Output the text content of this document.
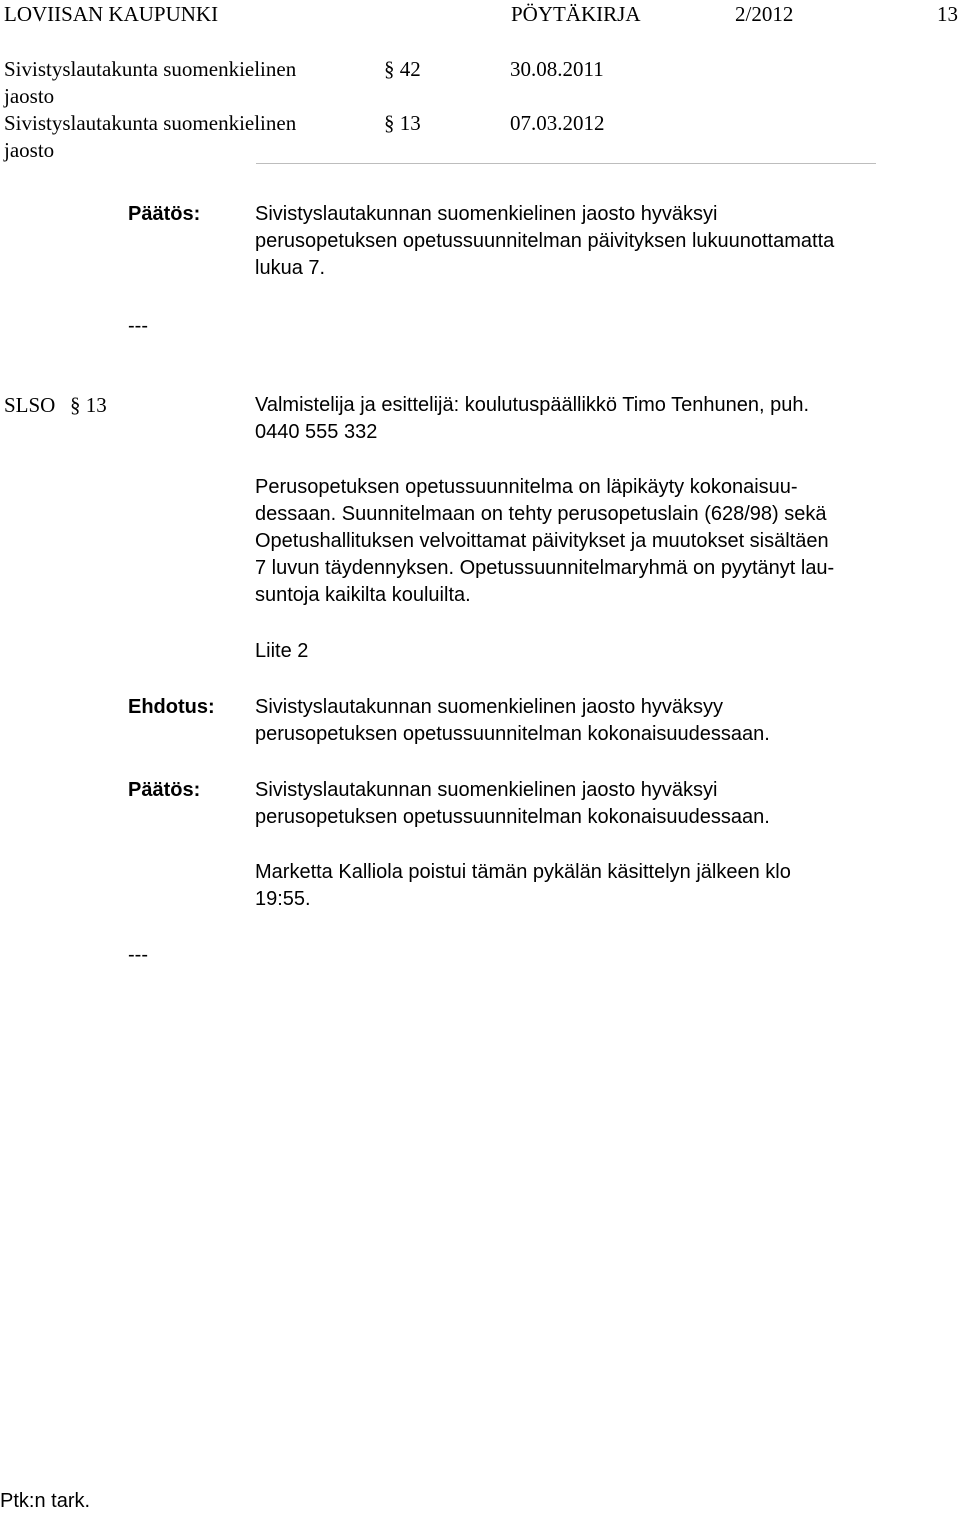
LOVIISAN KAUPUNKI	PÖYTÄKIRJA	2/2012	13
Sivistyslautakunta suomenkielinen
jaosto
§ 42	30.08.2011
Sivistyslautakunta suomenkielinen
jaosto
§ 13	07.03.2012
Päätös:	Sivistyslautakunnan suomenkielinen jaosto hyväksyi
perusopetuksen opetussuunnitelman päivityksen lukuunottamatta
lukua 7.
---
SLSO § 13	Valmistelija ja esittelijä: koulutuspäällikkö Timo Tenhunen, puh.
0440 555 332
Perusopetuksen opetussuunnitelma on läpikäyty kokonaisuu-
dessaan. Suunnitelmaan on tehty perusopetuslain (628/98) sekä
Opetushallituksen velvoittamat päivitykset ja muutokset sisältäen
7 luvun täydennyksen. Opetussuunnitelmaryhmä on pyytänyt lau-
suntoja kaikilta kouluilta.
Liite 2
Ehdotus: Sivistyslautakunnan suomenkielinen jaosto hyväksyy
perusopetuksen opetussuunnitelman kokonaisuudessaan.
Päätös:	Sivistyslautakunnan suomenkielinen jaosto hyväksyi
perusopetuksen opetussuunnitelman kokonaisuudessaan.
Marketta Kalliola poistui tämän pykälän käsittelyn jälkeen klo
19:55.
---
Ptk:n tark.
